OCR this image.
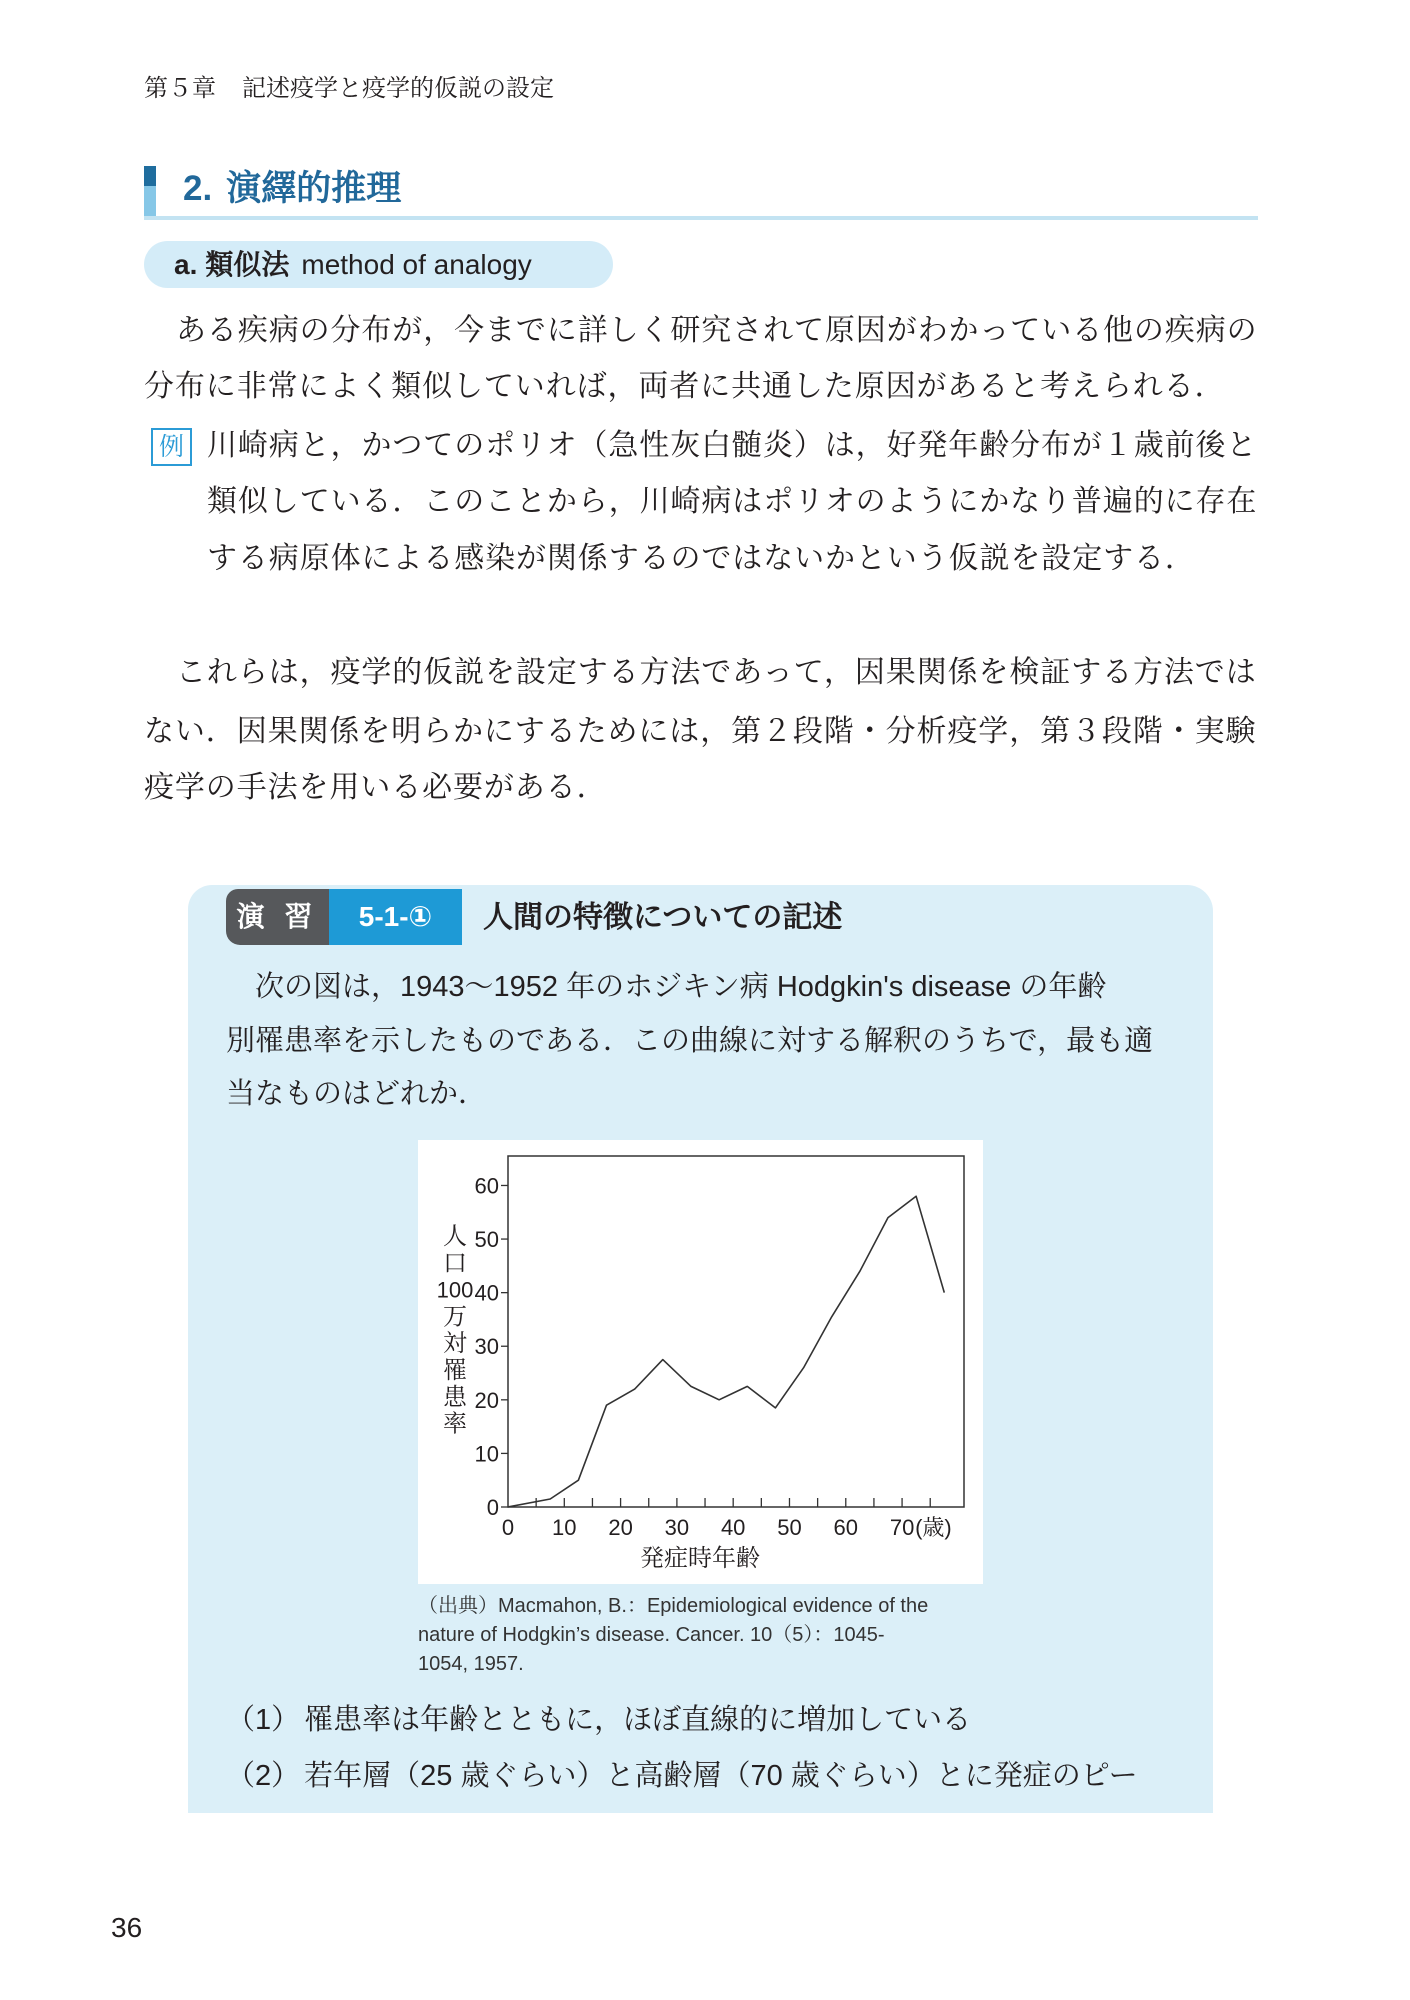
第５章 記述疫学と疫学的仮説の設定
2. 演繹的推理
a. 類似法 method of analogy
ある疾病の分布が，今までに詳しく研究されて原因がわかっている他の疾病の
分布に非常によく類似していれば，両者に共通した原因があると考えられる．
例 川崎病と，かつてのポリオ（急性灰白髄炎）は，好発年齢分布が１歳前後と
類似している．このことから，川崎病はポリオのようにかなり普遍的に存在
する病原体による感染が関係するのではないかという仮説を設定する．
これらは，疫学的仮説を設定する方法であって，因果関係を検証する方法では
ない．因果関係を明らかにするためには，第２段階・分析疫学，第３段階・実験
疫学の手法を用いる必要がある．
演 習	5-1-①	人間の特徴についての記述
次の図は，1943〜1952 年のホジキン病 Hodgkin's disease の年齢
別罹患率を示したものである．この曲線に対する解釈のうちで，最も適
当なものはどれか．
0
10
20
30
40
50
60
0 10 20 30 40 50 60 70 (歳)
発症時年齢
人
口
100
万
対
罹
患
率
（出典）Macmahon, B.：Epidemiological evidence of the
nature of Hodgkin’s disease. Cancer. 10（5）：1045-
1054, 1957.
（1） 罹患率は年齢とともに，ほぼ直線的に増加している
（2） 若年層（25 歳ぐらい）と高齢層（70 歳ぐらい）とに発症のピー
36
